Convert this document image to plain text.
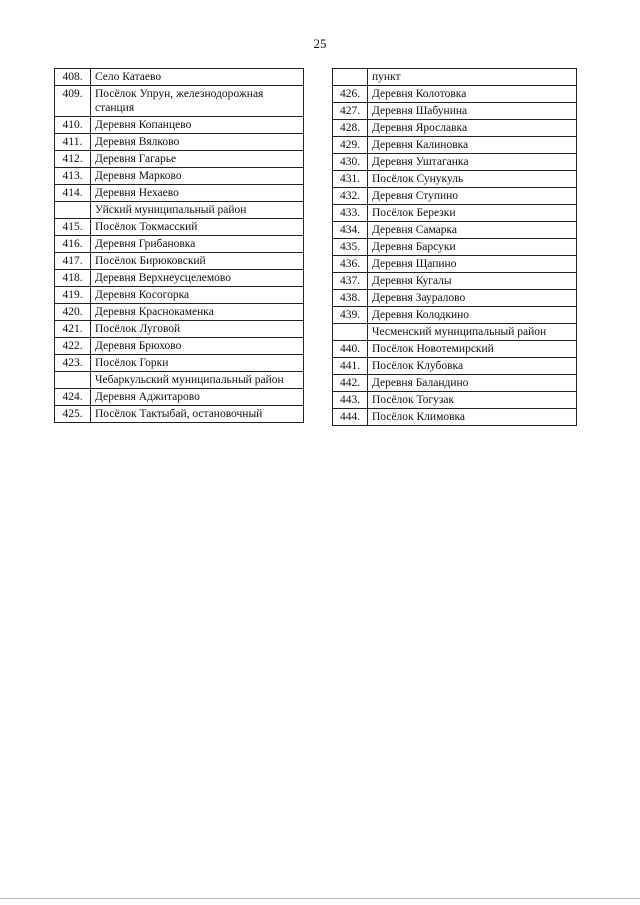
25
408.	Село Катаево
409.	Посёлок Упрун, железнодорожная станция
410.	Деревня Копанцево
411.	Деревня Вялково
412.	Деревня Гагарье
413.	Деревня Марково
414.	Деревня Нехаево
	Уйский муниципальный район
415.	Посёлок Токмасский
416.	Деревня Грибановка
417.	Посёлок Бирюковский
418.	Деревня Верхнеусцелемово
419.	Деревня Косогорка
420.	Деревня Краснокаменка
421.	Посёлок Луговой
422.	Деревня Брюхово
423.	Посёлок Горки
	Чебаркульский муниципальный район
424.	Деревня Аджитарово
425.	Посёлок Тактыбай, остановочный
	пункт
426.	Деревня Колотовка
427.	Деревня Шабунина
428.	Деревня Ярославка
429.	Деревня Калиновка
430.	Деревня Уштаганка
431.	Посёлок Сунукуль
432.	Деревня Ступино
433.	Посёлок Березки
434.	Деревня Самарка
435.	Деревня Барсуки
436.	Деревня Щапино
437.	Деревня Кугалы
438.	Деревня Зауралово
439.	Деревня Колодкино
	Чесменский муниципальный район
440.	Посёлок Новотемирский
441.	Посёлок Клубовка
442.	Деревня Баландино
443.	Посёлок Тогузак
444.	Посёлок Климовка
